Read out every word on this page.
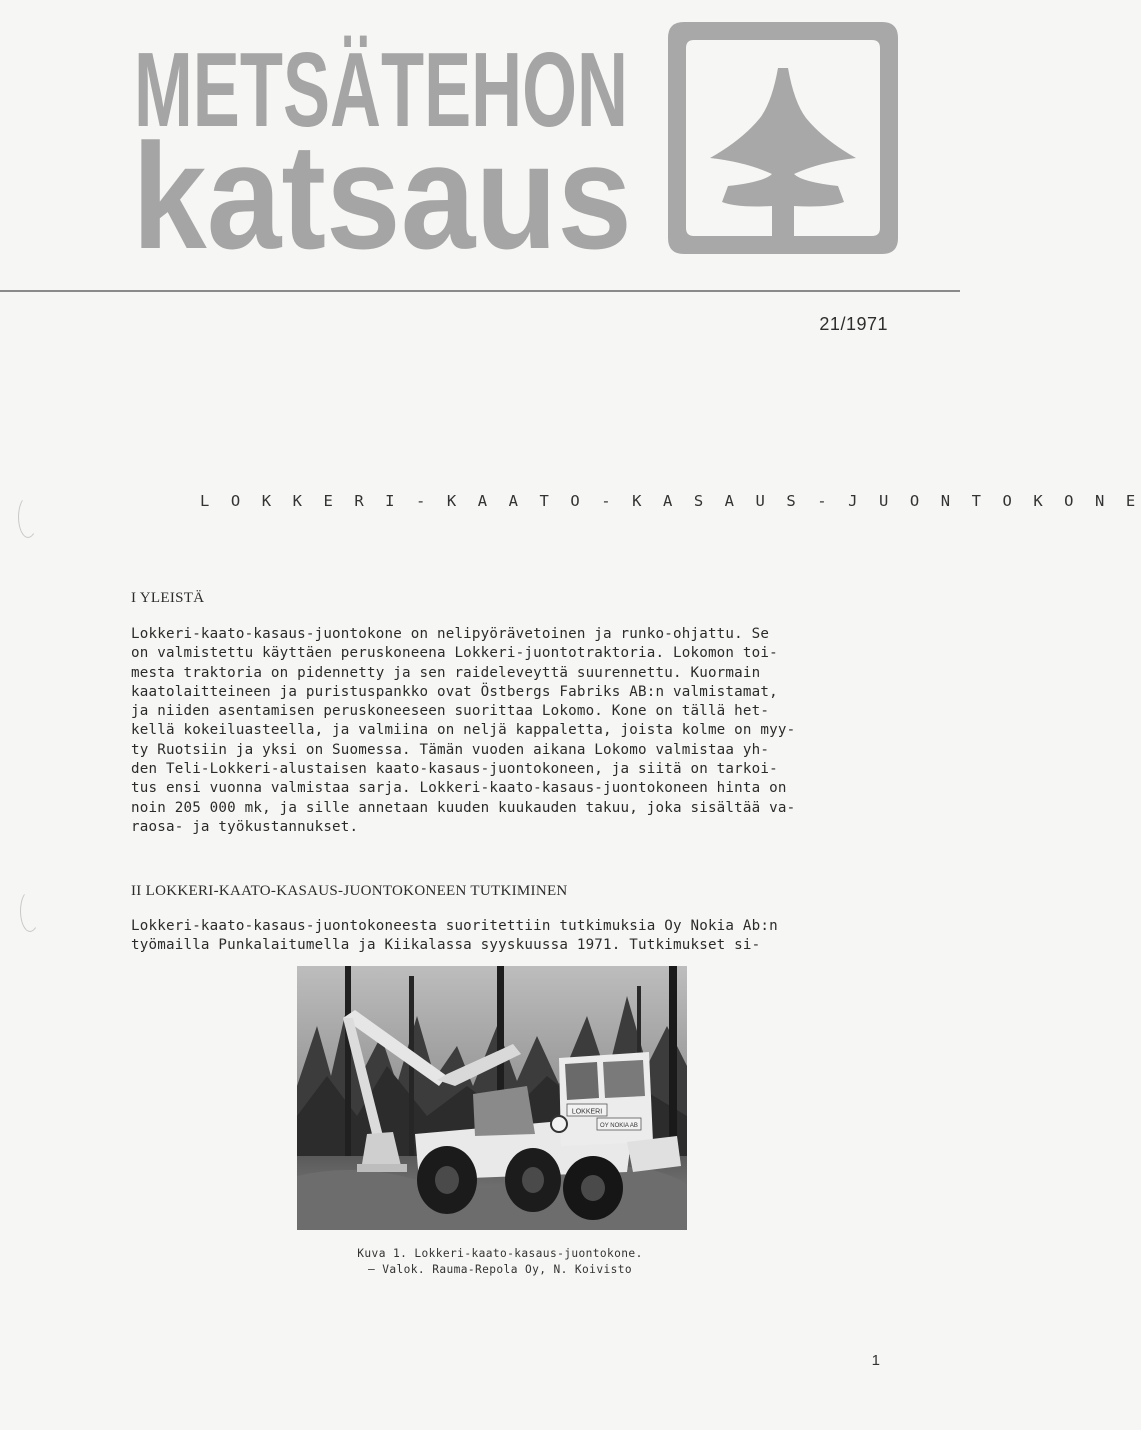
METSÄTEHON
katsaus
21/1971
L O K K E R I - K A A T O - K A S A U S - J U O N T O K O N E
I YLEISTÄ
Lokkeri-kaato-kasaus-juontokone on nelipyörävetoinen ja runko-ohjattu. Se
on valmistettu käyttäen peruskoneena Lokkeri-juontotraktoria. Lokomon toi-
mesta traktoria on pidennetty ja sen raideleveyttä suurennettu. Kuormain
kaatolaitteineen ja puristuspankko ovat Östbergs Fabriks AB:n valmistamat,
ja niiden asentamisen peruskoneeseen suorittaa Lokomo. Kone on tällä het-
kellä kokeiluasteella, ja valmiina on neljä kappaletta, joista kolme on myy-
ty Ruotsiin ja yksi on Suomessa. Tämän vuoden aikana Lokomo valmistaa yh-
den Teli-Lokkeri-alustaisen kaato-kasaus-juontokoneen, ja siitä on tarkoi-
tus ensi vuonna valmistaa sarja. Lokkeri-kaato-kasaus-juontokoneen hinta on
noin 205 000 mk, ja sille annetaan kuuden kuukauden takuu, joka sisältää va-
raosa- ja työkustannukset.
II LOKKERI-KAATO-KASAUS-JUONTOKONEEN TUTKIMINEN
Lokkeri-kaato-kasaus-juontokoneesta suoritettiin tutkimuksia Oy Nokia Ab:n
työmailla Punkalaitumella ja Kiikalassa syyskuussa 1971. Tutkimukset si-
LOKKERI
OY NOKIA AB
Kuva 1. Lokkeri-kaato-kasaus-juontokone.
— Valok. Rauma-Repola Oy, N. Koivisto
1
